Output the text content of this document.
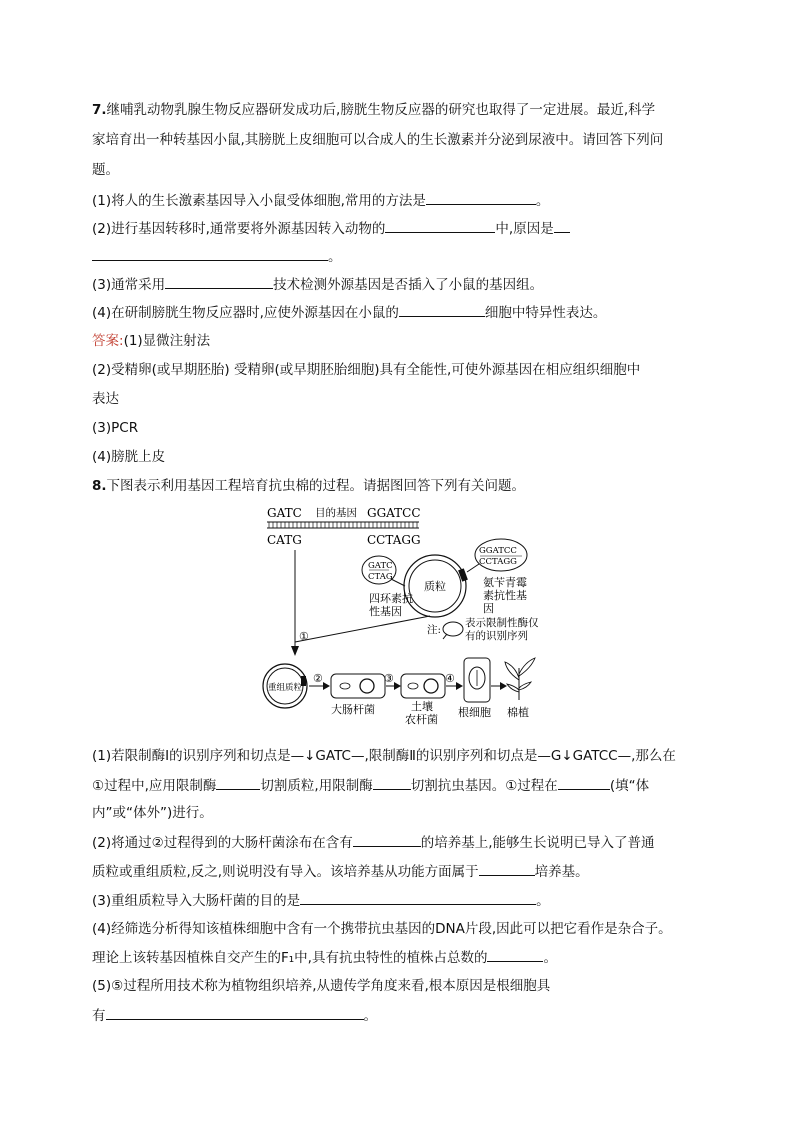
7.继哺乳动物乳腺生物反应器研发成功后,膀胱生物反应器的研究也取得了一定进展。最近,科学
家培育出一种转基因小鼠,其膀胱上皮细胞可以合成人的生长激素并分泌到尿液中。请回答下列问
题。
(1)将人的生长激素基因导入小鼠受体细胞,常用的方法是	。
(2)进行基因转移时,通常要将外源基因转入动物的	中,原因是
。
(3)通常采用	技术检测外源基因是否插入了小鼠的基因组。
(4)在研制膀胱生物反应器时,应使外源基因在小鼠的	细胞中特异性表达。
答案:(1)显微注射法
(2)受精卵(或早期胚胎) 受精卵(或早期胚胎细胞)具有全能性,可使外源基因在相应组织细胞中
表达
(3)PCR
(4)膀胱上皮
8.下图表示利用基因工程培育抗虫棉的过程。请据图回答下列有关问题。
GATC 目的基因 GGATCC
CATG	CCTAGG
①
质粒
GATC
CTAG
GGATCC
CCTAGG
四环素抗
性基因
氨苄青霉
素抗性基
因
注:
表示限制性酶仅
有的识别序列
重组质粒
②
大肠杆菌
③
土壤
农杆菌
④
根细胞 棉植
(1)若限制酶Ⅰ的识别序列和切点是—↓GATC—,限制酶Ⅱ的识别序列和切点是—G↓GATCC—,那么在
①过程中,应用限制酶	切割质粒,用限制酶	切割抗虫基因。①过程在	(填“体
内”或“体外”)进行。
(2)将通过②过程得到的大肠杆菌涂布在含有	的培养基上,能够生长说明已导入了普通
质粒或重组质粒,反之,则说明没有导入。该培养基从功能方面属于	培养基。
(3)重组质粒导入大肠杆菌的目的是	。
(4)经筛选分析得知该植株细胞中含有一个携带抗虫基因的DNA片段,因此可以把它看作是杂合子。
理论上该转基因植株自交产生的F₁中,具有抗虫特性的植株占总数的	。
(5)⑤过程所用技术称为植物组织培养,从遗传学角度来看,根本原因是根细胞具
有	。
